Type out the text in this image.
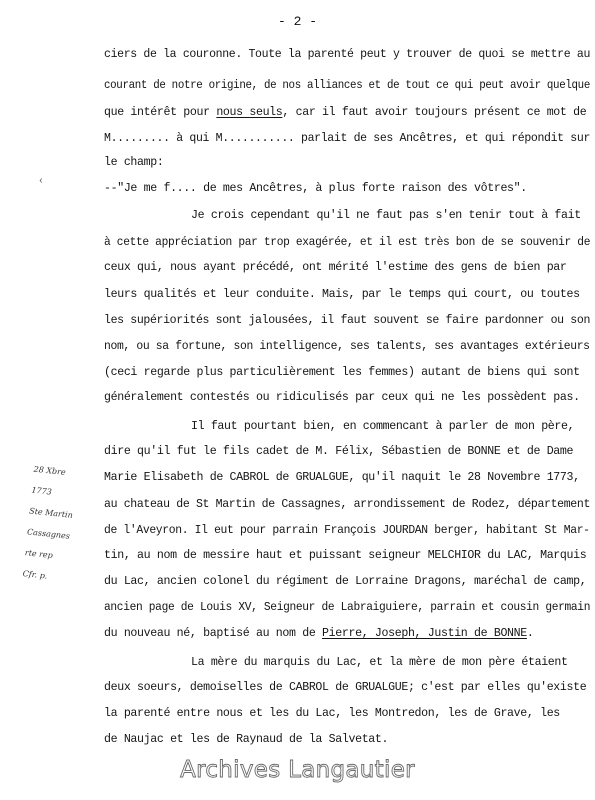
- 2 -
‹
ciers de la couronne. Toute la parenté peut y trouver de quoi se mettre au
courant de notre origine, de nos alliances et de tout ce qui peut avoir quelque
que intérêt pour nous seuls, car il faut avoir toujours présent ce mot de
M......... à qui M........... parlait de ses Ancêtres, et qui répondit sur
le champ:
--"Je me f.... de mes Ancêtres, à plus forte raison des vôtres".
Je crois cependant qu'il ne faut pas s'en tenir tout à fait
à cette appréciation par trop exagérée, et il est très bon de se souvenir de
ceux qui, nous ayant précédé, ont mérité l'estime des gens de bien par
leurs qualités et leur conduite. Mais, par le temps qui court, ou toutes
les supériorités sont jalousées, il faut souvent se faire pardonner ou son
nom, ou sa fortune, son intelligence, ses talents, ses avantages extérieurs
(ceci regarde plus particulièrement les femmes) autant de biens qui sont
généralement contestés ou ridiculisés par ceux qui ne les possèdent pas.
Il faut pourtant bien, en commencant à parler de mon père,
dire qu'il fut le fils cadet de M. Félix, Sébastien de BONNE et de Dame
Marie Elisabeth de CABROL de GRUALGUE, qu'il naquit le 28 Novembre 1773,
au chateau de St Martin de Cassagnes, arrondissement de Rodez, département
de l'Aveyron. Il eut pour parrain François JOURDAN berger, habitant St Mar-
tin, au nom de messire haut et puissant seigneur MELCHIOR du LAC, Marquis
du Lac, ancien colonel du régiment de Lorraine Dragons, maréchal de camp,
ancien page de Louis XV, Seigneur de Labraiguiere, parrain et cousin germain
du nouveau né, baptisé au nom de Pierre, Joseph, Justin de BONNE.
La mère du marquis du Lac, et la mère de mon père étaient
deux soeurs, demoiselles de CABROL de GRUALGUE; c'est par elles qu'existe
la parenté entre nous et les du Lac, les Montredon, les de Grave, les
de Naujac et les de Raynaud de la Salvetat.
28 Xbre
1773
Ste Martin
Cassagnes
rte rep
Cfr. p.
Archives Langautier
